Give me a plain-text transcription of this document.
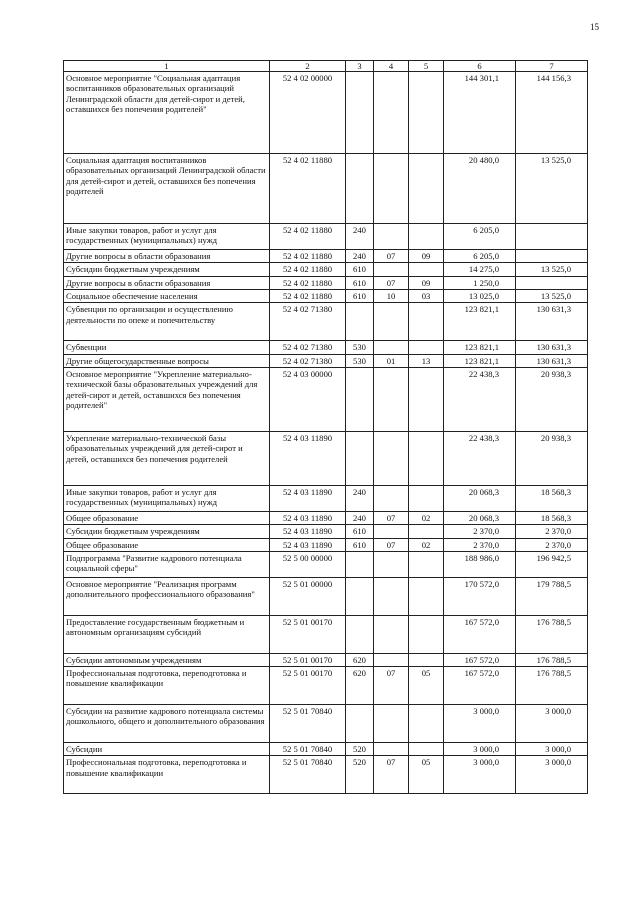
15
1	2	3	4	5	6	7
Основное мероприятие "Социальная адаптация воспитанников образовательных организаций Ленинградской области для детей-сирот и детей, оставшихся без попечения родителей"	52 4 02 00000				144 301,1	144 156,3
Социальная адаптация воспитанников образовательных организаций Ленинградской области для детей-сирот и детей, оставшихся без попечения родителей	52 4 02 11880				20 480,0	13 525,0
Иные закупки товаров, работ и услуг для государственных (муниципальных) нужд	52 4 02 11880	240			6 205,0	
Другие вопросы в области образования	52 4 02 11880	240	07	09	6 205,0	
Субсидии бюджетным учреждениям	52 4 02 11880	610			14 275,0	13 525,0
Другие вопросы в области образования	52 4 02 11880	610	07	09	1 250,0	
Социальное обеспечение населения	52 4 02 11880	610	10	03	13 025,0	13 525,0
Субвенции по организации и осуществлению деятельности по опеке и попечительству	52 4 02 71380				123 821,1	130 631,3
Субвенции	52 4 02 71380	530			123 821,1	130 631,3
Другие общегосударственные вопросы	52 4 02 71380	530	01	13	123 821,1	130 631,3
Основное мероприятие "Укрепление материально-технической базы образовательных учреждений для детей-сирот и детей, оставшихся без попечения родителей"	52 4 03 00000				22 438,3	20 938,3
Укрепление материально-технической базы образовательных учреждений для детей-сирот и детей, оставшихся без попечения родителей	52 4 03 11890				22 438,3	20 938,3
Иные закупки товаров, работ и услуг для государственных (муниципальных) нужд	52 4 03 11890	240			20 068,3	18 568,3
Общее образование	52 4 03 11890	240	07	02	20 068,3	18 568,3
Субсидии бюджетным учреждениям	52 4 03 11890	610			2 370,0	2 370,0
Общее образование	52 4 03 11890	610	07	02	2 370,0	2 370,0
Подпрограмма "Развитие кадрового потенциала социальной сферы"	52 5 00 00000				188 986,0	196 942,5
Основное мероприятие "Реализация программ дополнительного профессионального образования"	52 5 01 00000				170 572,0	179 788,5
Предоставление государственным бюджетным и автономным организациям субсидий	52 5 01 00170				167 572,0	176 788,5
Субсидии автономным учреждениям	52 5 01 00170	620			167 572,0	176 788,5
Профессиональная подготовка, переподготовка и повышение квалификации	52 5 01 00170	620	07	05	167 572,0	176 788,5
Субсидии на развитие кадрового потенциала системы дошкольного, общего и дополнительного образования	52 5 01 70840				3 000,0	3 000,0
Субсидии	52 5 01 70840	520			3 000,0	3 000,0
Профессиональная подготовка, переподготовка и повышение квалификации	52 5 01 70840	520	07	05	3 000,0	3 000,0
